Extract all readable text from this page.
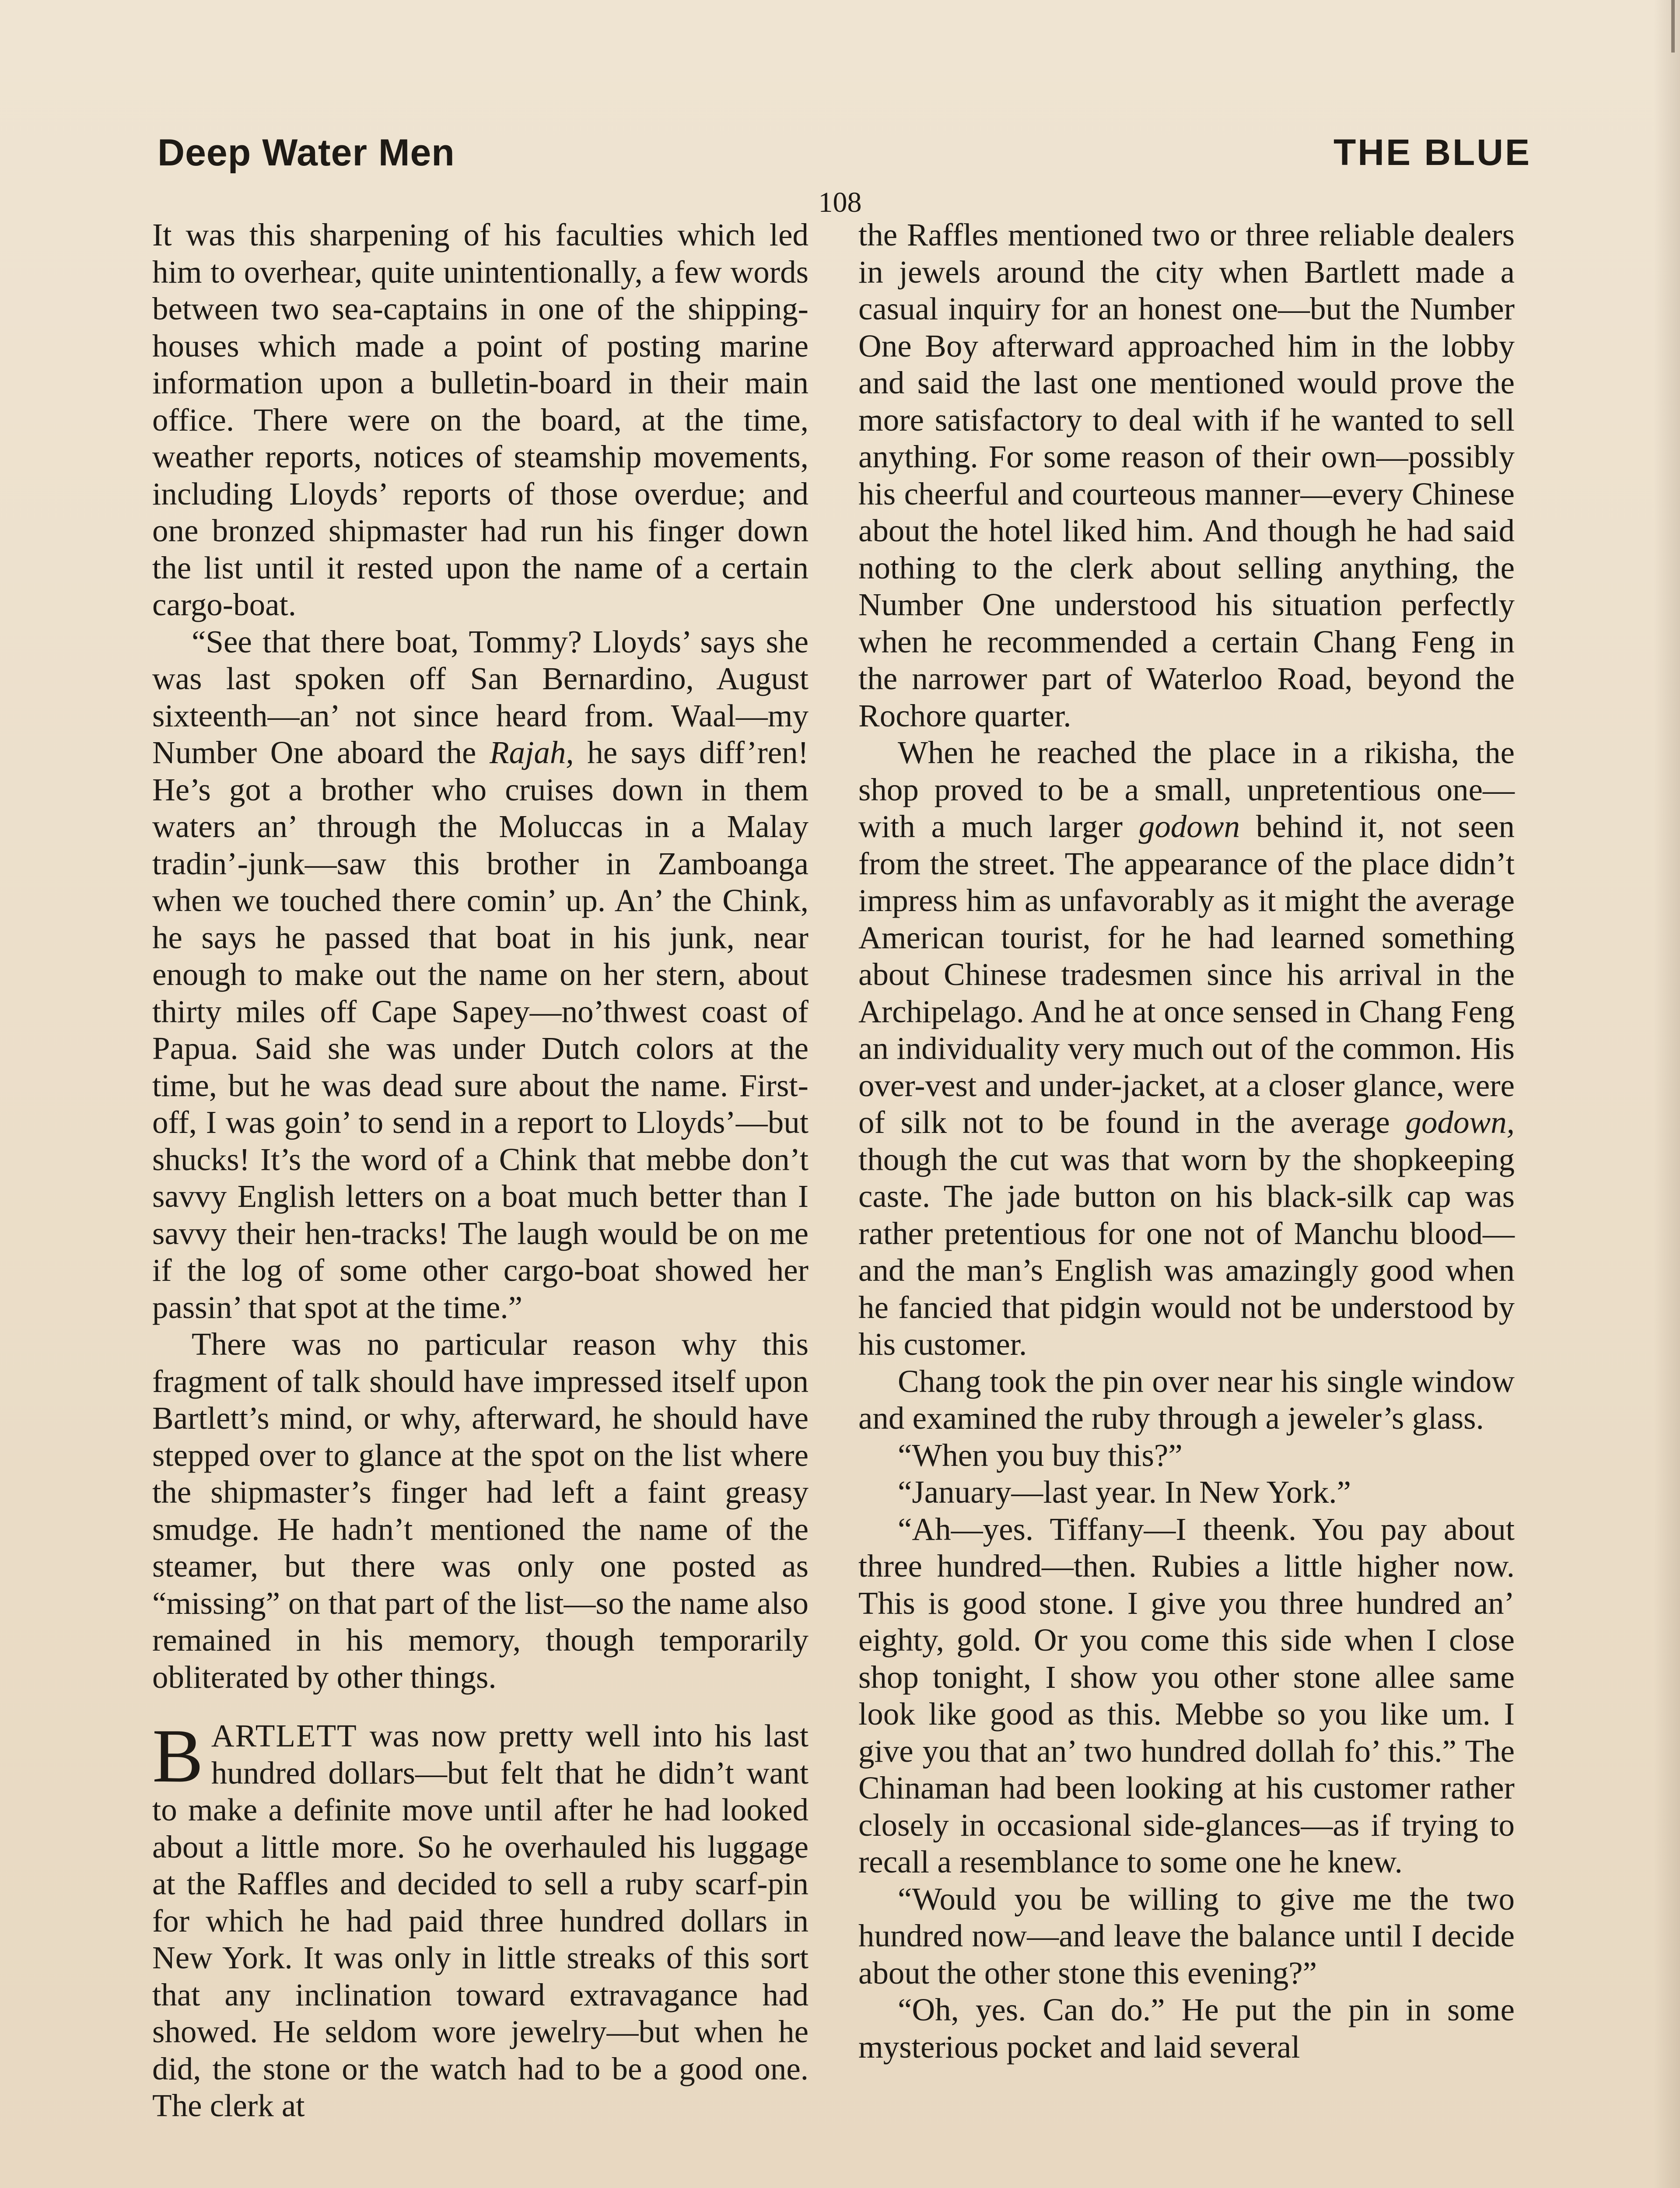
Deep Water Men	THE BLUE
108

It was this sharpening of his faculties which led him to overhear, quite unintentionally, a few words between two sea-captains in one of the shipping-houses which made a point of posting marine information upon a bulletin-board in their main office. There were on the board, at the time, weather reports, notices of steamship movements, including Lloyds’ reports of those overdue; and one bronzed shipmaster had run his finger down the list until it rested upon the name of a certain cargo-boat.

“See that there boat, Tommy? Lloyds’ says she was last spoken off San Bernardino, August sixteenth—an’ not since heard from. Waal—my Number One aboard the Rajah, he says diff’ren! He’s got a brother who cruises down in them waters an’ through the Moluccas in a Malay tradin’-junk—saw this brother in Zamboanga when we touched there comin’ up. An’ the Chink, he says he passed that boat in his junk, near enough to make out the name on her stern, about thirty miles off Cape Sapey—no’thwest coast of Papua. Said she was under Dutch colors at the time, but he was dead sure about the name. First-off, I was goin’ to send in a report to Lloyds’—but shucks! It’s the word of a Chink that mebbe don’t savvy English letters on a boat much better than I savvy their hen-tracks! The laugh would be on me if the log of some other cargo-boat showed her passin’ that spot at the time.”

There was no particular reason why this fragment of talk should have impressed itself upon Bartlett’s mind, or why, afterward, he should have stepped over to glance at the spot on the list where the shipmaster’s finger had left a faint greasy smudge. He hadn’t mentioned the name of the steamer, but there was only one posted as “missing” on that part of the list—so the name also remained in his memory, though temporarily obliterated by other things.

BARTLETT was now pretty well into his last hundred dollars—but felt that he didn’t want to make a definite move until after he had looked about a little more. So he overhauled his luggage at the Raffles and decided to sell a ruby scarf-pin for which he had paid three hundred dollars in New York. It was only in little streaks of this sort that any inclination toward extravagance had showed. He seldom wore jewelry—but when he did, the stone or the watch had to be a good one. The clerk at

the Raffles mentioned two or three reliable dealers in jewels around the city when Bartlett made a casual inquiry for an honest one—but the Number One Boy afterward approached him in the lobby and said the last one mentioned would prove the more satisfactory to deal with if he wanted to sell anything. For some reason of their own—possibly his cheerful and courteous manner—every Chinese about the hotel liked him. And though he had said nothing to the clerk about selling anything, the Number One understood his situation perfectly when he recommended a certain Chang Feng in the narrower part of Waterloo Road, beyond the Rochore quarter.

When he reached the place in a rikisha, the shop proved to be a small, unpretentious one—with a much larger godown behind it, not seen from the street. The appearance of the place didn’t impress him as unfavorably as it might the average American tourist, for he had learned something about Chinese tradesmen since his arrival in the Archipelago. And he at once sensed in Chang Feng an individuality very much out of the common. His over-vest and under-jacket, at a closer glance, were of silk not to be found in the average godown, though the cut was that worn by the shopkeeping caste. The jade button on his black-silk cap was rather pretentious for one not of Manchu blood—and the man’s English was amazingly good when he fancied that pidgin would not be understood by his customer.

Chang took the pin over near his single window and examined the ruby through a jeweler’s glass.

“When you buy this?”

“January—last year. In New York.”

“Ah—yes. Tiffany—I theenk. You pay about three hundred—then. Rubies a little higher now. This is good stone. I give you three hundred an’ eighty, gold. Or you come this side when I close shop tonight, I show you other stone allee same look like good as this. Mebbe so you like um. I give you that an’ two hundred dollah fo’ this.” The Chinaman had been looking at his customer rather closely in occasional side-glances—as if trying to recall a resemblance to some one he knew.

“Would you be willing to give me the two hundred now—and leave the balance until I decide about the other stone this evening?”

“Oh, yes. Can do.” He put the pin in some mysterious pocket and laid several
